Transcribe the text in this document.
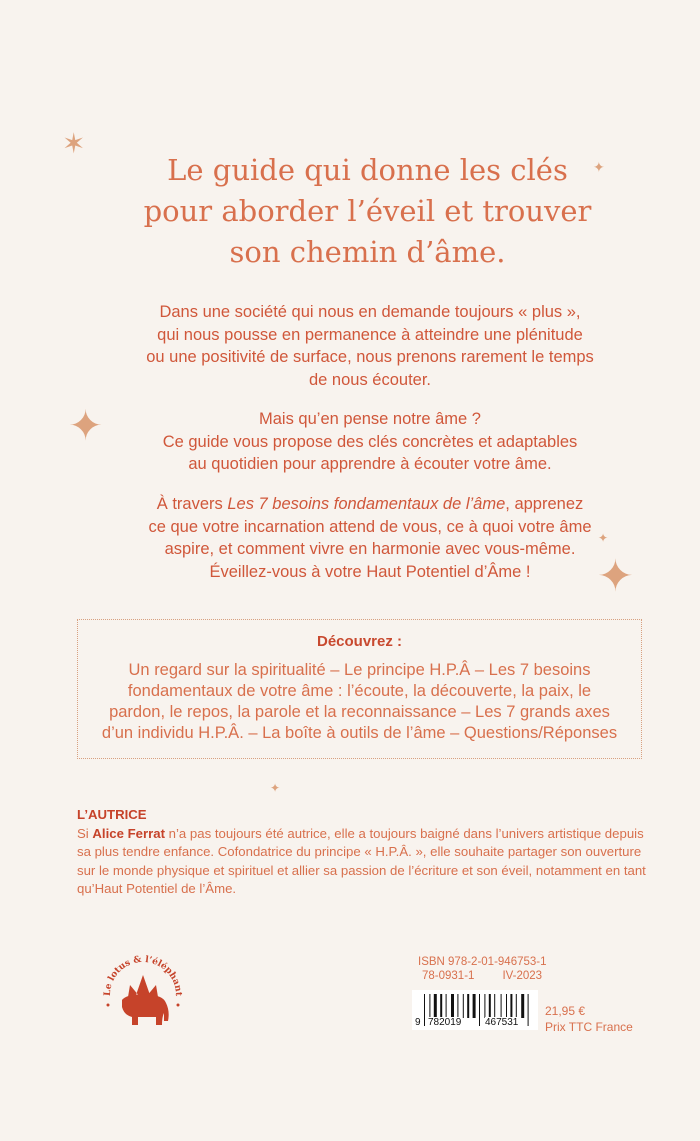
✶
✦
✦
✦
✦
✦
Le guide qui donne les clés
pour aborder l’éveil et trouver
son chemin d’âme.
Dans une société qui nous en demande toujours « plus »,
qui nous pousse en permanence à atteindre une plénitude
ou une positivité de surface, nous prenons rarement le temps
de nous écouter.
Mais qu’en pense notre âme ?
Ce guide vous propose des clés concrètes et adaptables
au quotidien pour apprendre à écouter votre âme.
À travers Les 7 besoins fondamentaux de l’âme, apprenez
ce que votre incarnation attend de vous, ce à quoi votre âme
aspire, et comment vivre en harmonie avec vous-même.
Éveillez-vous à votre Haut Potentiel d’Âme !
Découvrez :
Un regard sur la spiritualité – Le principe H.P.Â – Les 7 besoins
fondamentaux de votre âme : l’écoute, la découverte, la paix, le
pardon, le repos, la parole et la reconnaissance – Les 7 grands axes
d’un individu H.P.Â. – La boîte à outils de l’âme – Questions/Réponses
L’AUTRICE
Si Alice Ferrat n’a pas toujours été autrice, elle a toujours baigné dans l’univers artistique depuis sa plus tendre enfance. Cofondatrice du principe « H.P.Â. », elle souhaite partager son ouverture sur le monde physique et spirituel et allier sa passion de l’écriture et son éveil, notamment en tant qu’Haut Potentiel de l’Âme.
Le lotus & l’éléphant
ISBN 978-2-01-946753-1
78-0931-1 IV-2023
9 782019 467531
21,95 €
Prix TTC France
